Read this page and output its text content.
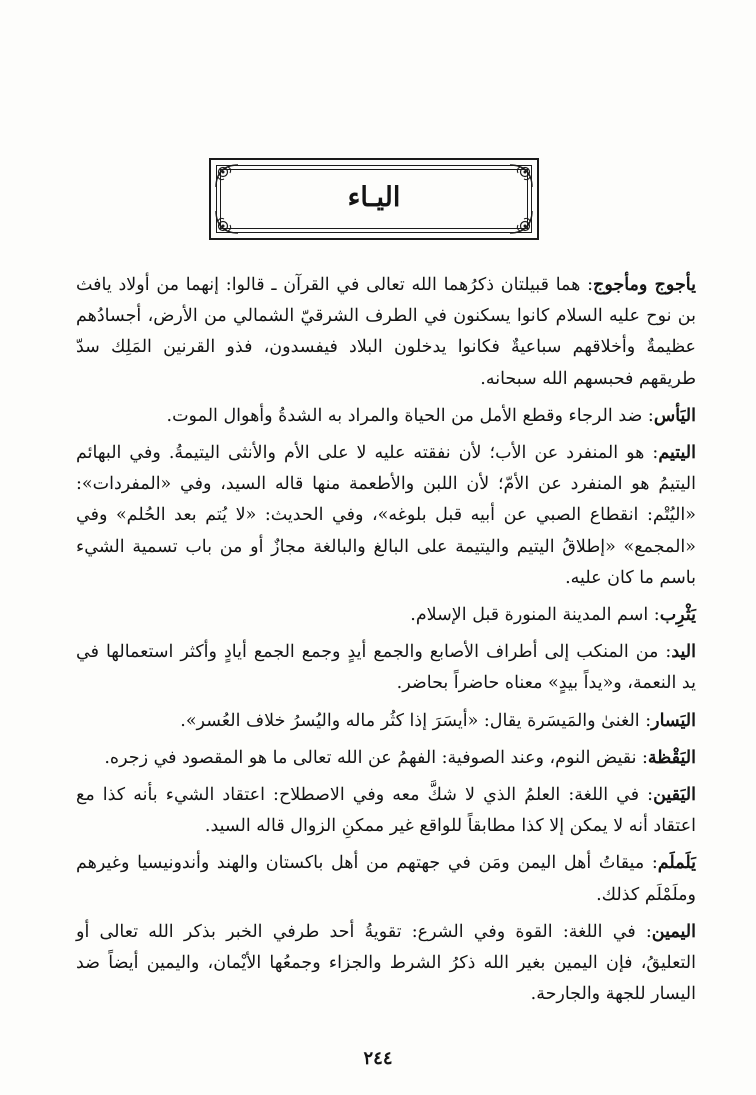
اليـاء

يأجوج ومأجوج: هما قبيلتان ذكرُهما الله تعالى في القرآن ـ قالوا: إنهما من أولاد يافث بن نوح عليه السلام كانوا يسكنون في الطرف الشرقيّ الشمالي من الأرض، أجسادُهم عظيمةٌ وأخلاقهم سباعيةٌ فكانوا يدخلون البلاد فيفسدون، فذو القرنين المَلِك سدّ طريقهم فحبسهم الله سبحانه.

اليَأس: ضد الرجاء وقطع الأمل من الحياة والمراد به الشدةُ وأهوال الموت.

اليتيم: هو المنفرد عن الأب؛ لأن نفقته عليه لا على الأم والأنثى اليتيمةُ. وفي البهائم اليتيمُ هو المنفرد عن الأمّ؛ لأن اللبن والأطعمة منها قاله السيد، وفي «المفردات»: «اليُتْم: انقطاع الصبي عن أبيه قبل بلوغه»، وفي الحديث: «لا يُتم بعد الحُلم» وفي «المجمع» «إطلاقُ اليتيم واليتيمة على البالغ والبالغة مجازٌ أو من باب تسمية الشيء باسم ما كان عليه.

يَثْرِب: اسم المدينة المنورة قبل الإسلام.

اليد: من المنكب إلى أطراف الأصابع والجمع أيدٍ وجمع الجمع أيادٍ وأكثر استعمالها في يد النعمة، و«يداً بيدٍ» معناه حاضراً بحاضر.

اليَسار: الغنىٰ والمَيسَرة يقال: «أيسَرَ إذا كثُر ماله واليُسرُ خلاف العُسر».

اليَقْظة: نقيض النوم، وعند الصوفية: الفهمُ عن الله تعالى ما هو المقصود في زجره.

اليَقين: في اللغة: العلمُ الذي لا شكَّ معه وفي الاصطلاح: اعتقاد الشيء بأنه كذا مع اعتقاد أنه لا يمكن إلا كذا مطابقاً للواقع غير ممكنِ الزوال قاله السيد.

يَلَملَم: ميقاتُ أهل اليمن ومَن في جهتهم من أهل باكستان والهند وأندونيسيا وغيرهم وملَمْلَم كذلك.

اليمين: في اللغة: القوة وفي الشرع: تقويةُ أحد طرفي الخبر بذكر الله تعالى أو التعليقُ، فإن اليمين بغير الله ذكرُ الشرط والجزاء وجمعُها الأيْمان، واليمين أيضاً ضد اليسار للجهة والجارحة.

٢٤٤
